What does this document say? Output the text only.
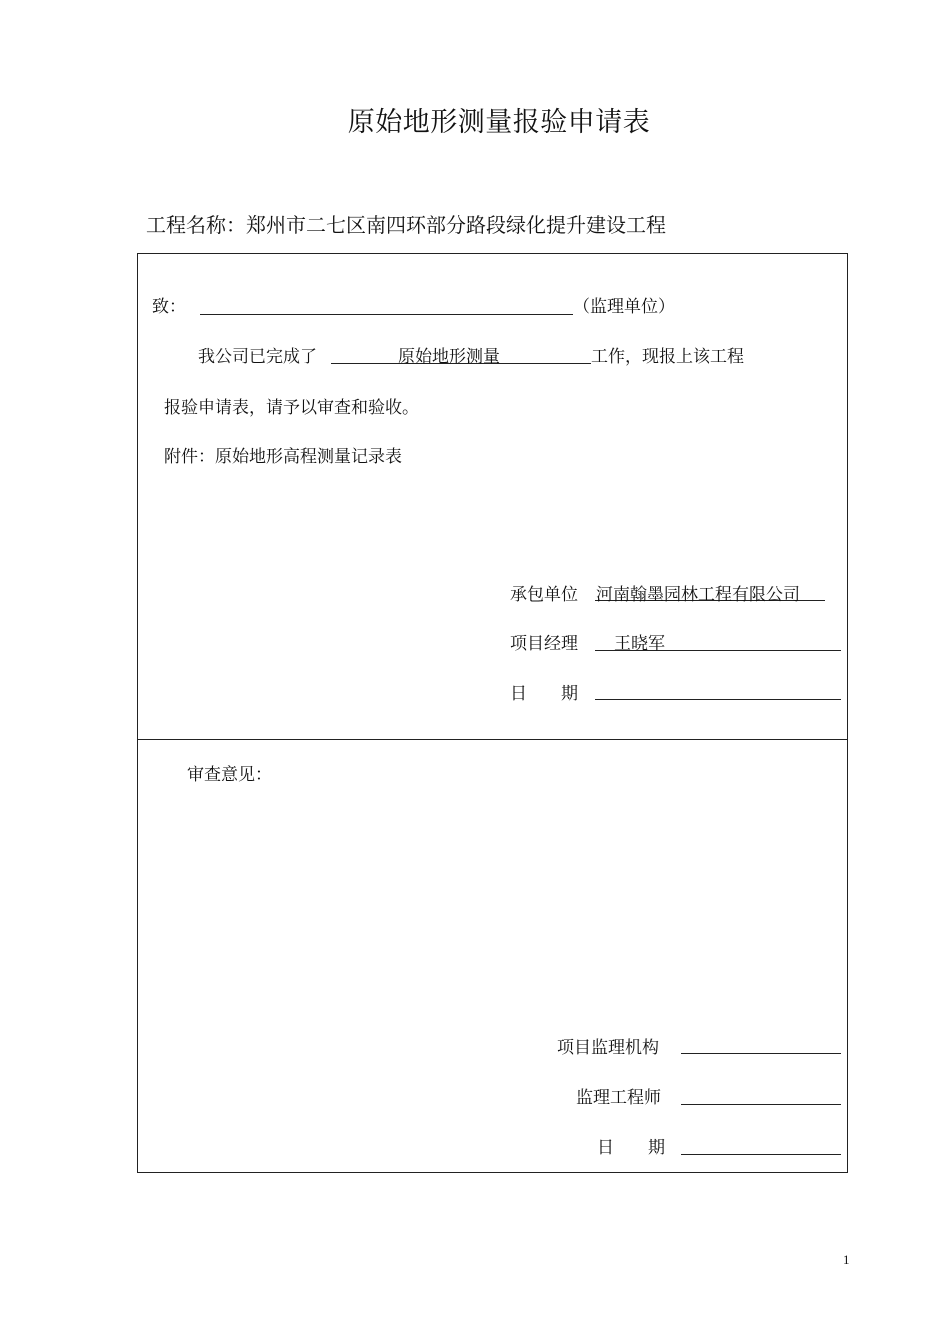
原始地形测量报验申请表
工程名称：郑州市二七区南四环部分路段绿化提升建设工程
致：	（监理单位）
我公司已完成了	原始地形测量	工作，现报上该工程
报验申请表，请予以审查和验收。
附件：原始地形高程测量记录表
承包单位 河南翰墨园林工程有限公司
项目经理 王晓军
日　　期
审查意见：
项目监理机构
监理工程师
日　　期
1
